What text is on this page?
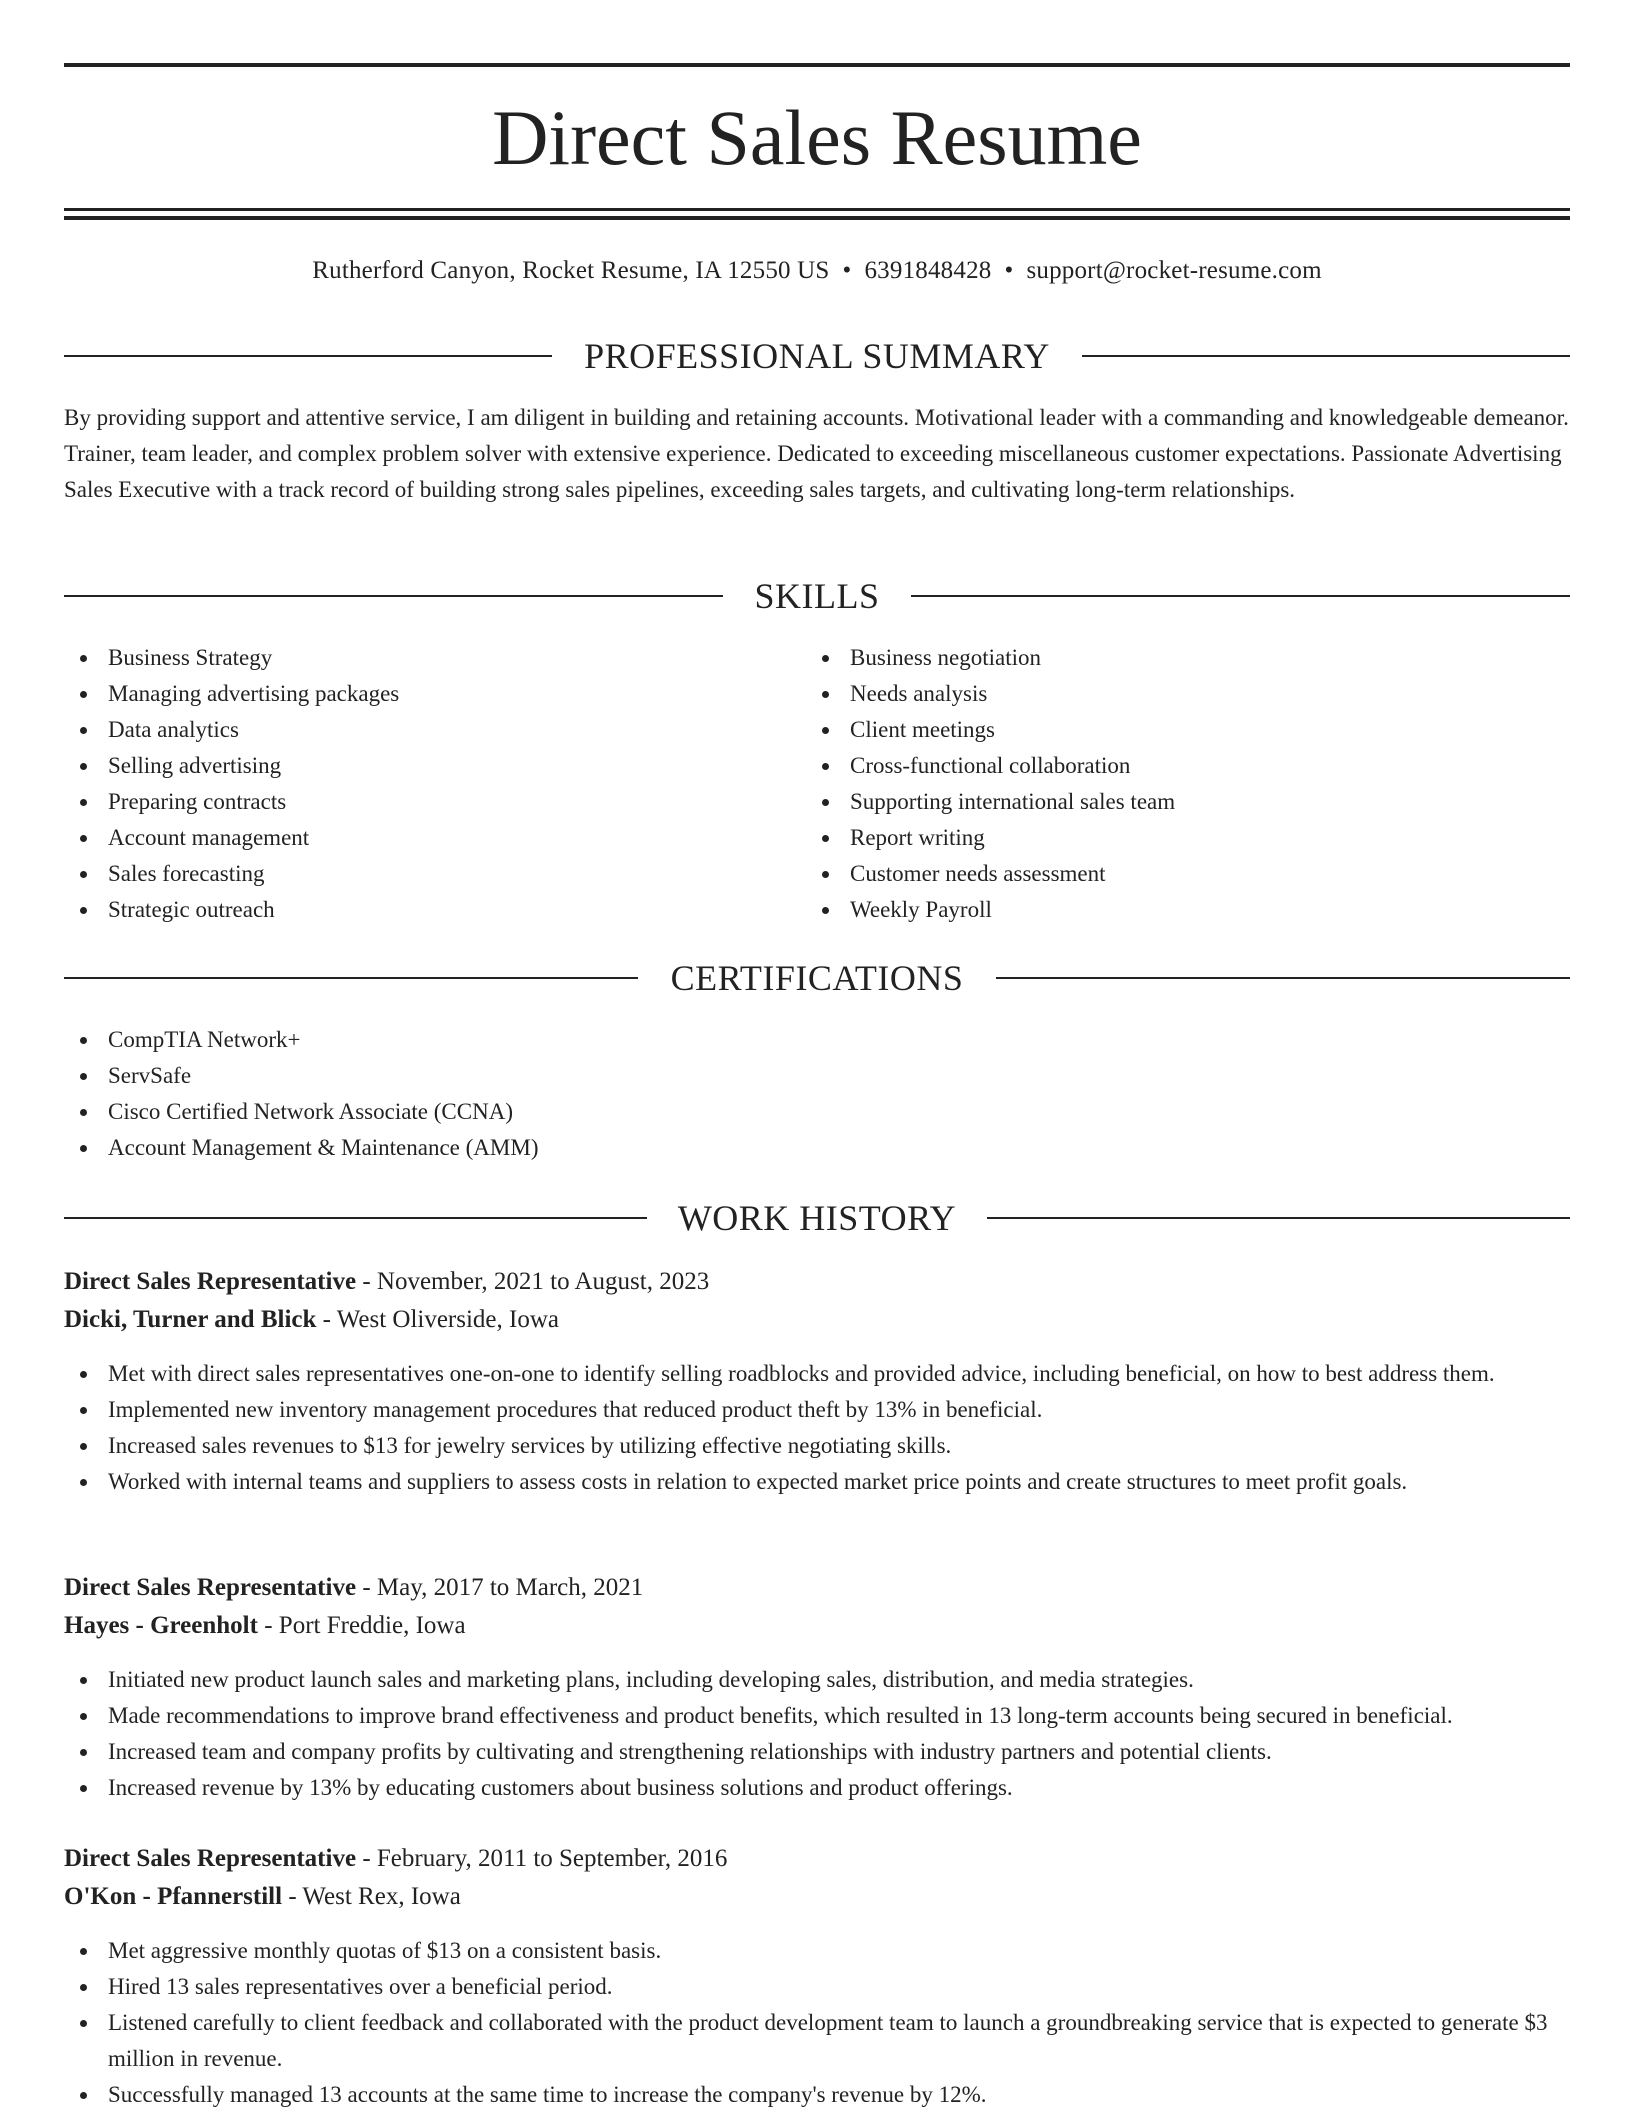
Direct Sales Resume
Rutherford Canyon, Rocket Resume, IA 12550 US • 6391848428 • support@rocket-resume.com
PROFESSIONAL SUMMARY
By providing support and attentive service, I am diligent in building and retaining accounts. Motivational leader with a commanding and knowledgeable demeanor. Trainer, team leader, and complex problem solver with extensive experience. Dedicated to exceeding miscellaneous customer expectations. Passionate Advertising Sales Executive with a track record of building strong sales pipelines, exceeding sales targets, and cultivating long-term relationships.
SKILLS
Business Strategy
Managing advertising packages
Data analytics
Selling advertising
Preparing contracts
Account management
Sales forecasting
Strategic outreach
Business negotiation
Needs analysis
Client meetings
Cross-functional collaboration
Supporting international sales team
Report writing
Customer needs assessment
Weekly Payroll
CERTIFICATIONS
CompTIA Network+
ServSafe
Cisco Certified Network Associate (CCNA)
Account Management & Maintenance (AMM)
WORK HISTORY
Direct Sales Representative - November, 2021 to August, 2023
Dicki, Turner and Blick - West Oliverside, Iowa
Met with direct sales representatives one-on-one to identify selling roadblocks and provided advice, including beneficial, on how to best address them.
Implemented new inventory management procedures that reduced product theft by 13% in beneficial.
Increased sales revenues to $13 for jewelry services by utilizing effective negotiating skills.
Worked with internal teams and suppliers to assess costs in relation to expected market price points and create structures to meet profit goals.
Direct Sales Representative - May, 2017 to March, 2021
Hayes - Greenholt - Port Freddie, Iowa
Initiated new product launch sales and marketing plans, including developing sales, distribution, and media strategies.
Made recommendations to improve brand effectiveness and product benefits, which resulted in 13 long-term accounts being secured in beneficial.
Increased team and company profits by cultivating and strengthening relationships with industry partners and potential clients.
Increased revenue by 13% by educating customers about business solutions and product offerings.
Direct Sales Representative - February, 2011 to September, 2016
O'Kon - Pfannerstill - West Rex, Iowa
Met aggressive monthly quotas of $13 on a consistent basis.
Hired 13 sales representatives over a beneficial period.
Listened carefully to client feedback and collaborated with the product development team to launch a groundbreaking service that is expected to generate $3 million in revenue.
Successfully managed 13 accounts at the same time to increase the company's revenue by 12%.
